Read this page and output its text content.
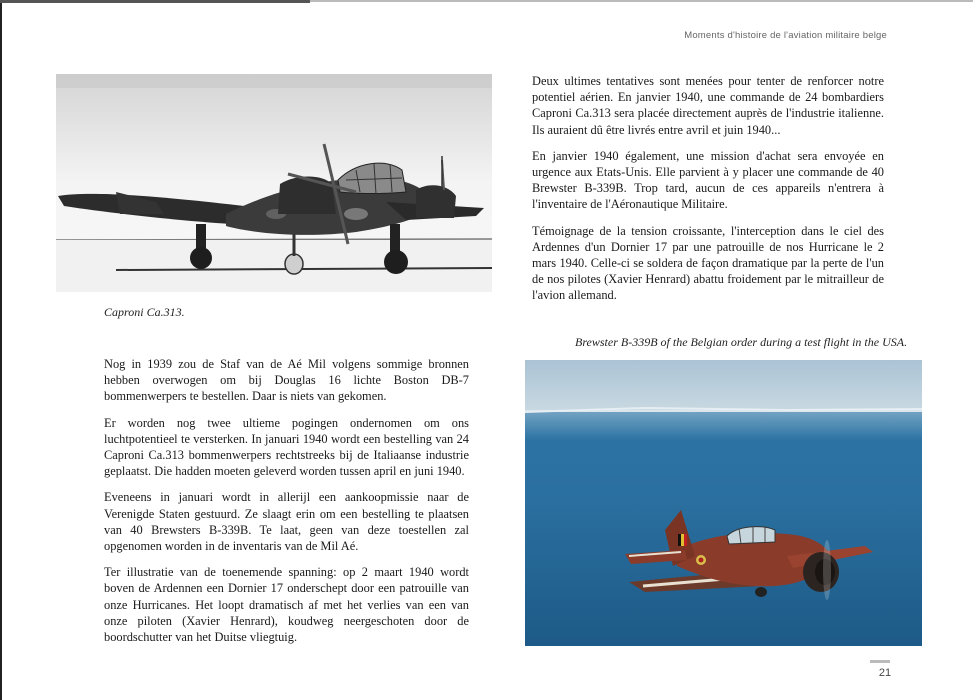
Moments d'histoire de l'aviation militaire belge
Caproni Ca.313.

Deux ultimes tentatives sont menées pour tenter de renforcer notre potentiel aérien. En janvier 1940, une commande de 24 bombardiers Caproni Ca.313 sera placée directement auprès de l'industrie italienne. Ils auraient dû être livrés entre avril et juin 1940...

En janvier 1940 également, une mission d'achat sera envoyée en urgence aux Etats-Unis. Elle parvient à y placer une commande de 40 Brewster B-339B. Trop tard, aucun de ces appareils n'entrera à l'inventaire de l'Aéronautique Militaire.

Témoignage de la tension croissante, l'interception dans le ciel des Ardennes d'un Dornier 17 par une patrouille de nos Hurricane le 2 mars 1940. Celle-ci se soldera de façon dramatique par la perte de l'un de nos pilotes (Xavier Henrard) abattu froidement par le mitrailleur de l'avion allemand.

Brewster B-339B of the Belgian order during a test flight in the USA.

Nog in 1939 zou de Staf van de Aé Mil volgens sommige bronnen hebben overwogen om bij Douglas 16 lichte Boston DB-7 bommenwerpers te bestellen. Daar is niets van gekomen.

Er worden nog twee ultieme pogingen ondernomen om ons luchtpotentieel te versterken. In januari 1940 wordt een bestelling van 24 Caproni Ca.313 bommenwerpers rechtstreeks bij de Italiaanse industrie geplaatst. Die hadden moeten geleverd worden tussen april en juni 1940.

Eveneens in januari wordt in allerijl een aankoopmissie naar de Verenigde Staten gestuurd. Ze slaagt erin om een bestelling te plaatsen van 40 Brewsters B-339B. Te laat, geen van deze toestellen zal opgenomen worden in de inventaris van de Mil Aé.

Ter illustratie van de toenemende spanning: op 2 maart 1940 wordt boven de Ardennen een Dornier 17 onderschept door een patrouille van onze Hurricanes. Het loopt dramatisch af met het verlies van een van onze piloten (Xavier Henrard), koudweg neergeschoten door de boordschutter van het Duitse vliegtuig.

21
